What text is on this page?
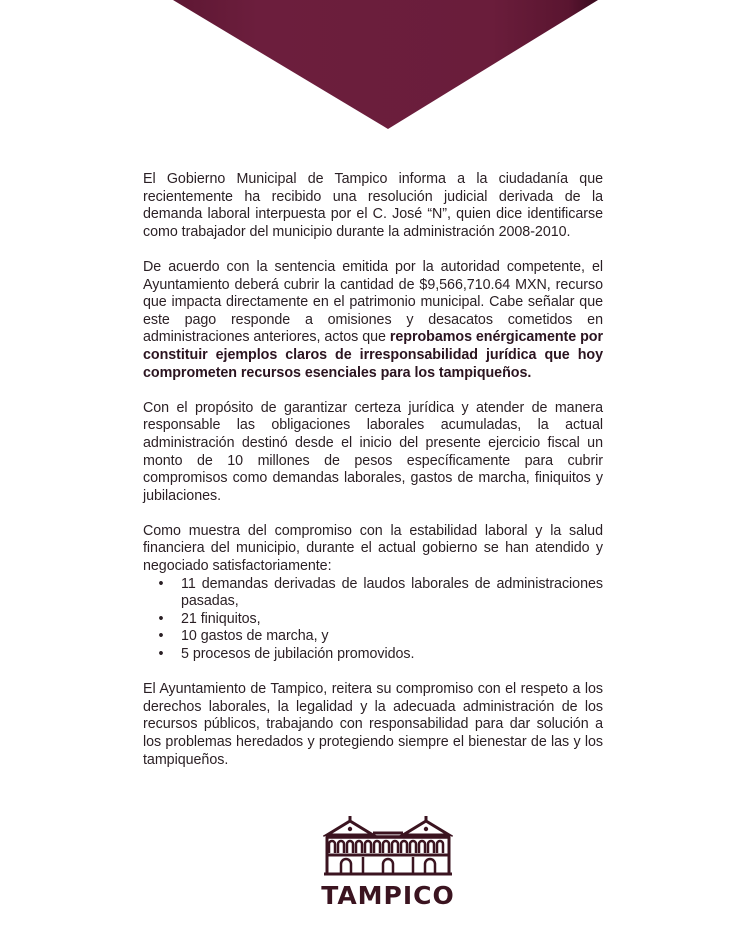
El Gobierno Municipal de Tampico informa a la ciudadanía que recientemente ha recibido una resolución judicial derivada de la demanda laboral interpuesta por el C. José “N”, quien dice identificarse como trabajador del municipio durante la administración 2008-2010.

De acuerdo con la sentencia emitida por la autoridad competente, el Ayuntamiento deberá cubrir la cantidad de $9,566,710.64 MXN, recurso que impacta directamente en el patrimonio municipal. Cabe señalar que este pago responde a omisiones y desacatos cometidos en administraciones anteriores, actos que reprobamos enérgicamente por constituir ejemplos claros de irresponsabilidad jurídica que hoy comprometen recursos esenciales para los tampiqueños.

Con el propósito de garantizar certeza jurídica y atender de manera responsable las obligaciones laborales acumuladas, la actual administración destinó desde el inicio del presente ejercicio fiscal un monto de 10 millones de pesos específicamente para cubrir compromisos como demandas laborales, gastos de marcha, finiquitos y jubilaciones.

Como muestra del compromiso con la estabilidad laboral y la salud financiera del municipio, durante el actual gobierno se han atendido y negociado satisfactoriamente:

• 11 demandas derivadas de laudos laborales de administraciones pasadas,
• 21 finiquitos,
• 10 gastos de marcha, y
• 5 procesos de jubilación promovidos.

El Ayuntamiento de Tampico, reitera su compromiso con el respeto a los derechos laborales, la legalidad y la adecuada administración de los recursos públicos, trabajando con responsabilidad para dar solución a los problemas heredados y protegiendo siempre el bienestar de las y los tampiqueños.

TAMPICO
